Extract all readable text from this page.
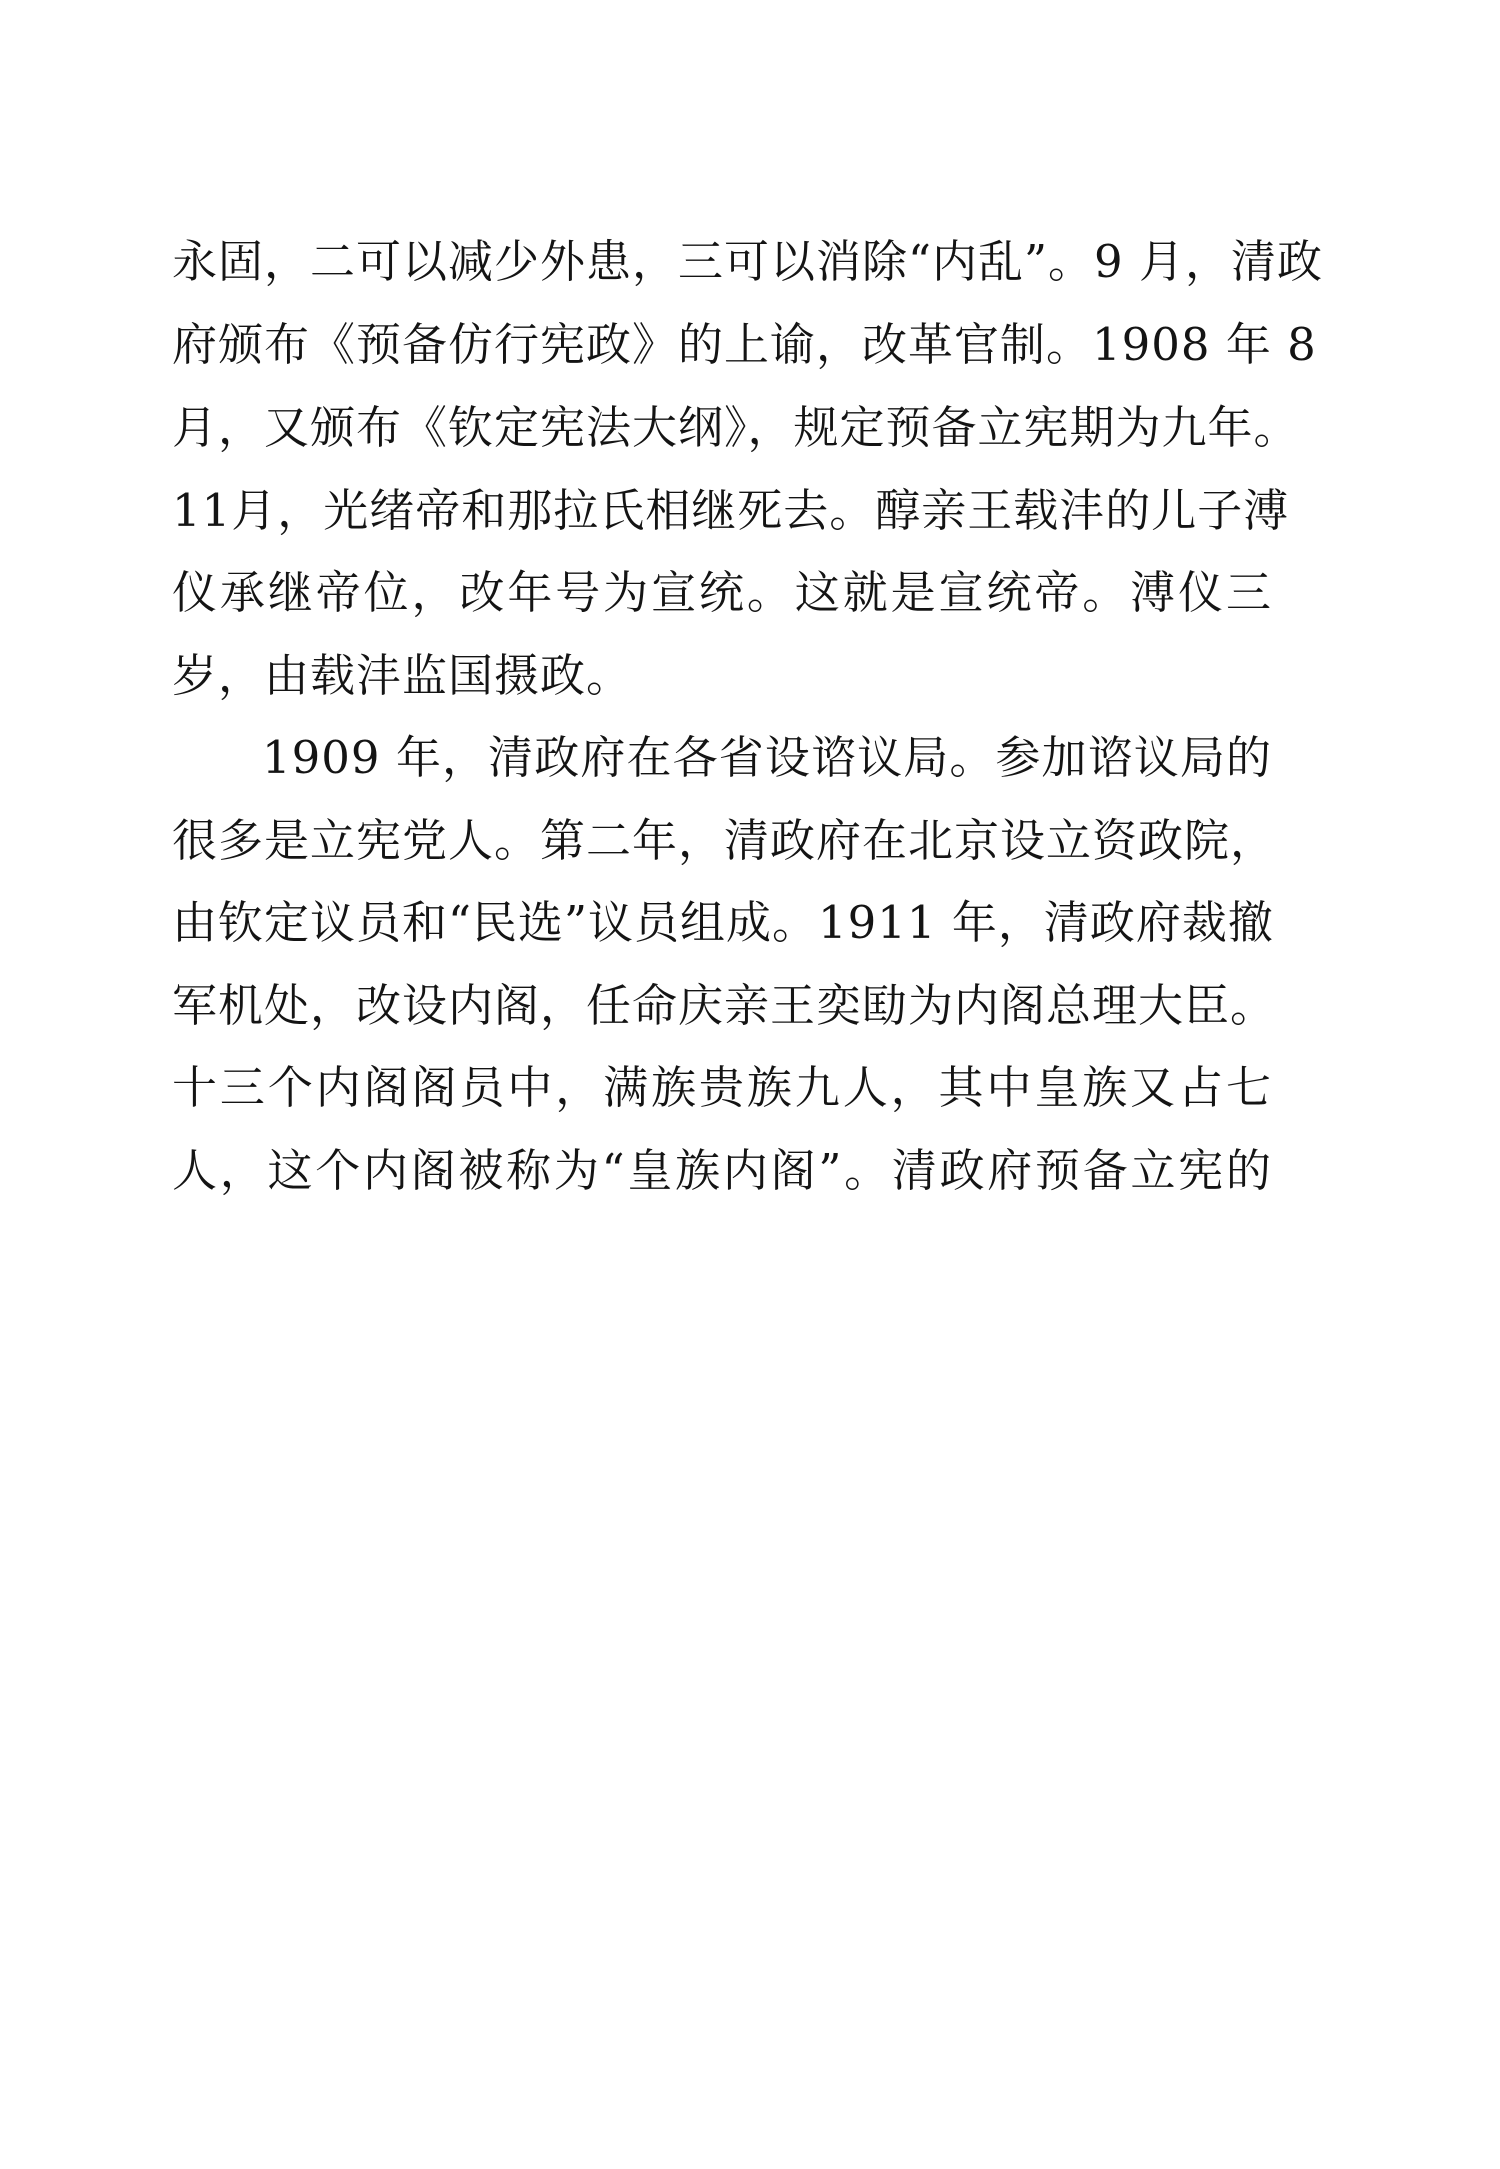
永固，二可以减少外患，三可以消除“内乱”。9 月，清政
府颁布《预备仿行宪政》的上谕，改革官制。1908 年 8
月，又颁布《钦定宪法大纲》，规定预备立宪期为九年。
11月，光绪帝和那拉氏相继死去。醇亲王载沣的儿子溥
仪承继帝位，改年号为宣统。这就是宣统帝。溥仪三
岁，由载沣监国摄政。
1909 年，清政府在各省设谘议局。参加谘议局的
很多是立宪党人。第二年，清政府在北京设立资政院，
由钦定议员和“民选”议员组成。1911 年，清政府裁撤
军机处，改设内阁，任命庆亲王奕劻为内阁总理大臣。
十三个内阁阁员中，满族贵族九人，其中皇族又占七
人，这个内阁被称为“皇族内阁”。清政府预备立宪的
